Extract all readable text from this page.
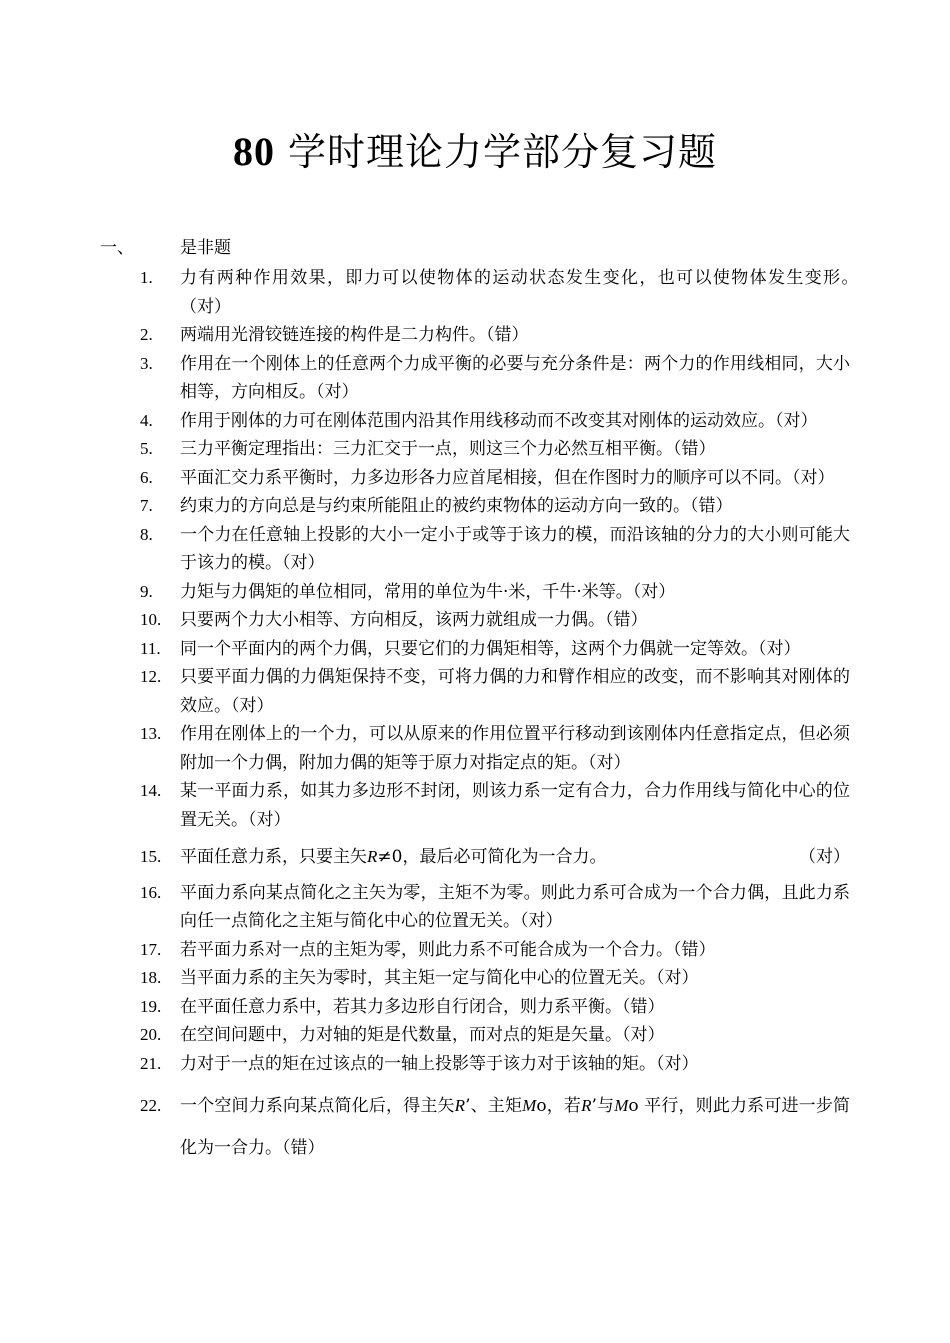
80 学时理论力学部分复习题
一、	是非题
1.	力有两种作用效果，即力可以使物体的运动状态发生变化，也可以使物体发生变形。　 （对）
2.	两端用光滑铰链连接的构件是二力构件。（错）
3.	作用在一个刚体上的任意两个力成平衡的必要与充分条件是：两个力的作用线相同，大小相等，方向相反。（对）
4.	作用于刚体的力可在刚体范围内沿其作用线移动而不改变其对刚体的运动效应。（对）
5.	三力平衡定理指出：三力汇交于一点，则这三个力必然互相平衡。（错）
6.	平面汇交力系平衡时，力多边形各力应首尾相接，但在作图时力的顺序可以不同。（对）
7.	约束力的方向总是与约束所能阻止的被约束物体的运动方向一致的。（错）
8.	一个力在任意轴上投影的大小一定小于或等于该力的模，而沿该轴的分力的大小则可能大于该力的模。（对）
9.	力矩与力偶矩的单位相同，常用的单位为牛·米，千牛·米等。（对）
10.	只要两个力大小相等、方向相反，该两力就组成一力偶。（错）
11.	同一个平面内的两个力偶，只要它们的力偶矩相等，这两个力偶就一定等效。（对）
12.	只要平面力偶的力偶矩保持不变，可将力偶的力和臂作相应的改变，而不影响其对刚体的效应。（对）
13.	作用在刚体上的一个力，可以从原来的作用位置平行移动到该刚体内任意指定点，但必须附加一个力偶，附加力偶的矩等于原力对指定点的矩。（对）
14.	某一平面力系，如其力多边形不封闭，则该力系一定有合力，合力作用线与简化中心的位置无关。（对）
15.	平面任意力系，只要主矢R≠0，最后必可简化为一合力。	（对）
16.	平面力系向某点简化之主矢为零，主矩不为零。则此力系可合成为一个合力偶，且此力系向任一点简化之主矩与简化中心的位置无关。（对）
17.	若平面力系对一点的主矩为零，则此力系不可能合成为一个合力。（错）
18.	当平面力系的主矢为零时，其主矩一定与简化中心的位置无关。（对）
19.	在平面任意力系中，若其力多边形自行闭合，则力系平衡。（错）
20.	在空间问题中，力对轴的矩是代数量，而对点的矩是矢量。（对）
21.	力对于一点的矩在过该点的一轴上投影等于该力对于该轴的矩。（对）
22.	一个空间力系向某点简化后，得主矢R’、主矩Mo，若R’与Mo 平行，则此力系可进一步简化为一合力。（错）
